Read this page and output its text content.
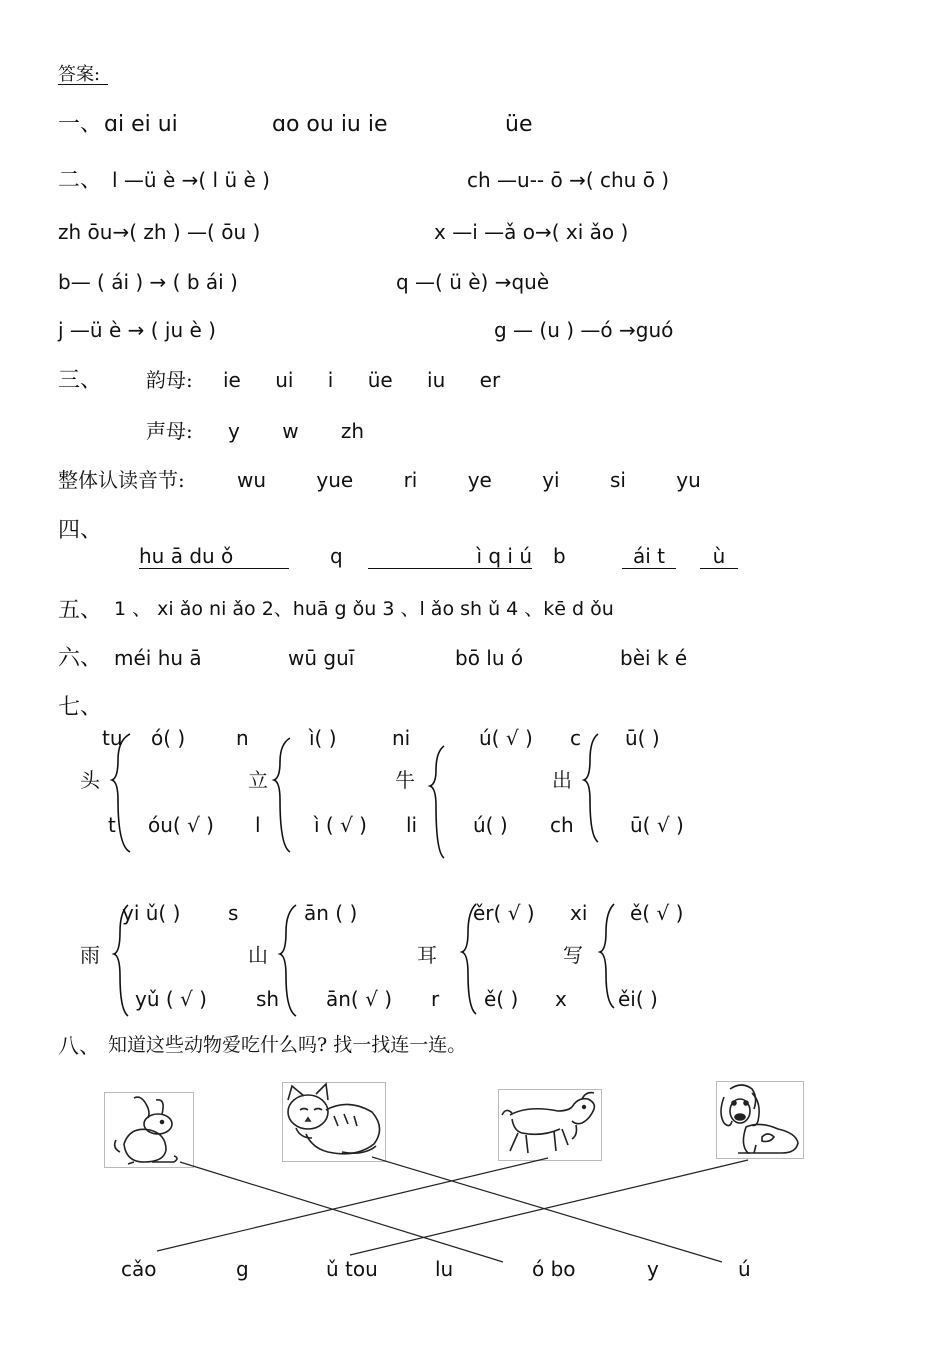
答案:
一、 ɑi ei ui	ɑo ou iu ie	üe
二、 l —ü è →( l ü è )	ch —u-- ō →( chu ō )
zh ōu→( zh ) —( ōu )	x —i —ǎ o→( xi ǎo )
b— ( ái ) → ( b ái )	q —( ü è) →què
j —ü è → ( ju è )	g — (u ) —ó →guó
三、 韵母: ie ui i üe iu er
声母: y w zh
整体认读音节:	wu yue ri ye yi si yu
四、
hu ā du ǒ	q	ì q i ú b	ái t	ù
五、 1 、 xi ǎo ni ǎo 2、huā g ǒu 3 、l ǎo sh ǔ 4 、kē d ǒu
六、 méi hu ā	wū guī	bō lu ó	bèi k é
七、
tu ó( )	n	ì( )	ni	ú( √ ) c ū( )
头	立	牛	出
t óu( √ ) l	ì ( √ ) li	ú( ) ch	ū( √ )
yi ǔ( ) s	ān ( )	ěr( √ ) xi ě( √ )
雨	山	耳	写
yǔ ( √ ) sh ān( √ ) r ě( ) x	ěi( )
八、 知道这些动物爱吃什么吗? 找一找连一连。
cǎo	g	ǔ tou	lu	ó bo	y	ú
